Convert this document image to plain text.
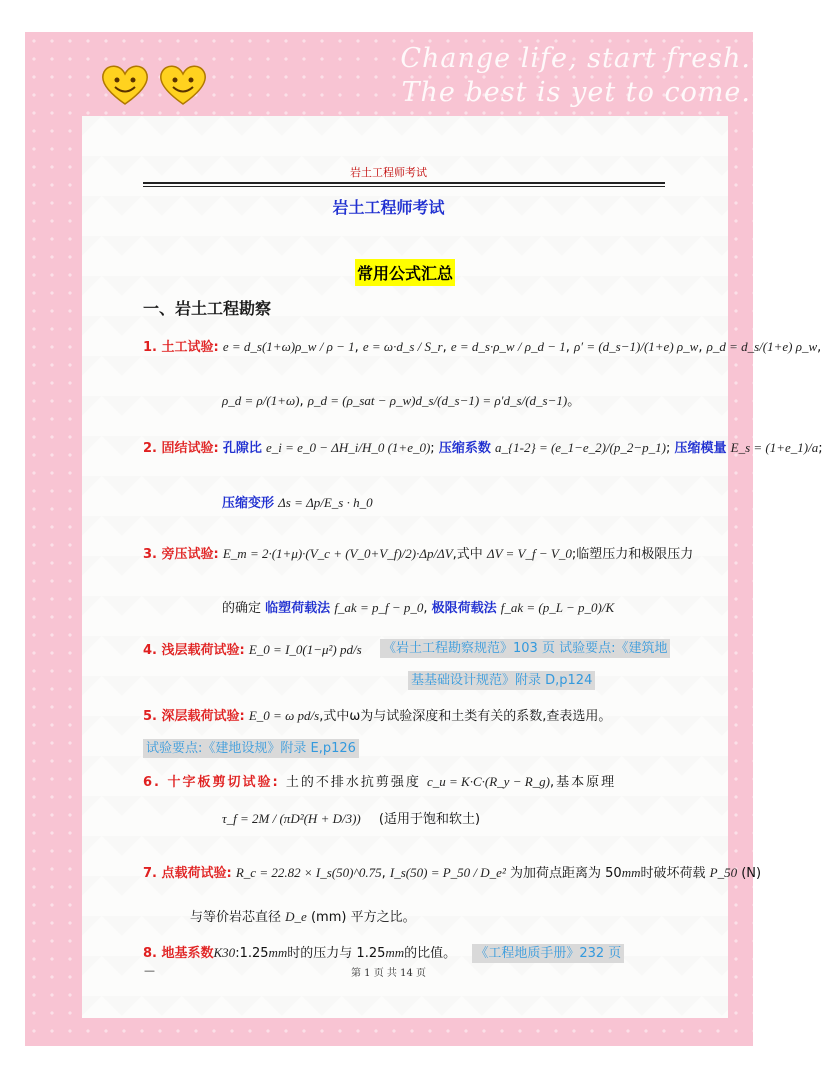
Change life, start fresh.
The best is yet to come.
岩土工程师考试
岩土工程师考试
常用公式汇总
一、岩土工程勘察
1. 土工试验: e = d_s(1+ω)ρ_w / ρ − 1, e = ω·d_s / S_r, e = d_s·ρ_w / ρ_d − 1, ρ′ = (d_s−1)/(1+e) ρ_w, ρ_d = d_s/(1+e) ρ_w,
ρ_d = ρ/(1+ω), ρ_d = (ρ_sat − ρ_w)d_s/(d_s−1) = ρ′d_s/(d_s−1)。
2. 固结试验: 孔隙比 e_i = e_0 − ΔH_i/H_0 (1+e_0); 压缩系数 a_{1-2} = (e_1−e_2)/(p_2−p_1); 压缩模量 E_s = (1+e_1)/a;
压缩变形 Δs = Δp/E_s · h_0
3. 旁压试验: E_m = 2·(1+μ)·(V_c + (V_0+V_f)/2)·Δp/ΔV,式中 ΔV = V_f − V_0;临塑压力和极限压力
的确定 临塑荷载法 f_ak = p_f − p_0, 极限荷载法 f_ak = (p_L − p_0)/K
4. 浅层载荷试验: E_0 = I_0(1−μ²) pd/s 《岩土工程勘察规范》103 页 试验要点:《建筑地
基基础设计规范》附录 D,p124
5. 深层载荷试验: E_0 = ω pd/s,式中ω为与试验深度和土类有关的系数,查表选用。
试验要点:《建地设规》附录 E,p126
6. 十字板剪切试验: 土的不排水抗剪强度 c_u = K·C·(R_y − R_g),基本原理
τ_f = 2M / (πD²(H + D/3)) (适用于饱和软土)
7. 点载荷试验: R_c = 22.82 × I_s(50)^0.75, I_s(50) = P_50 / D_e² 为加荷点距离为 50mm时破坏荷载 P_50 (N)
与等价岩芯直径 D_e (mm) 平方之比。
8. 地基系数K30:1.25mm时的压力与 1.25mm的比值。 《工程地质手册》232 页
—	第 1 页 共 14 页
